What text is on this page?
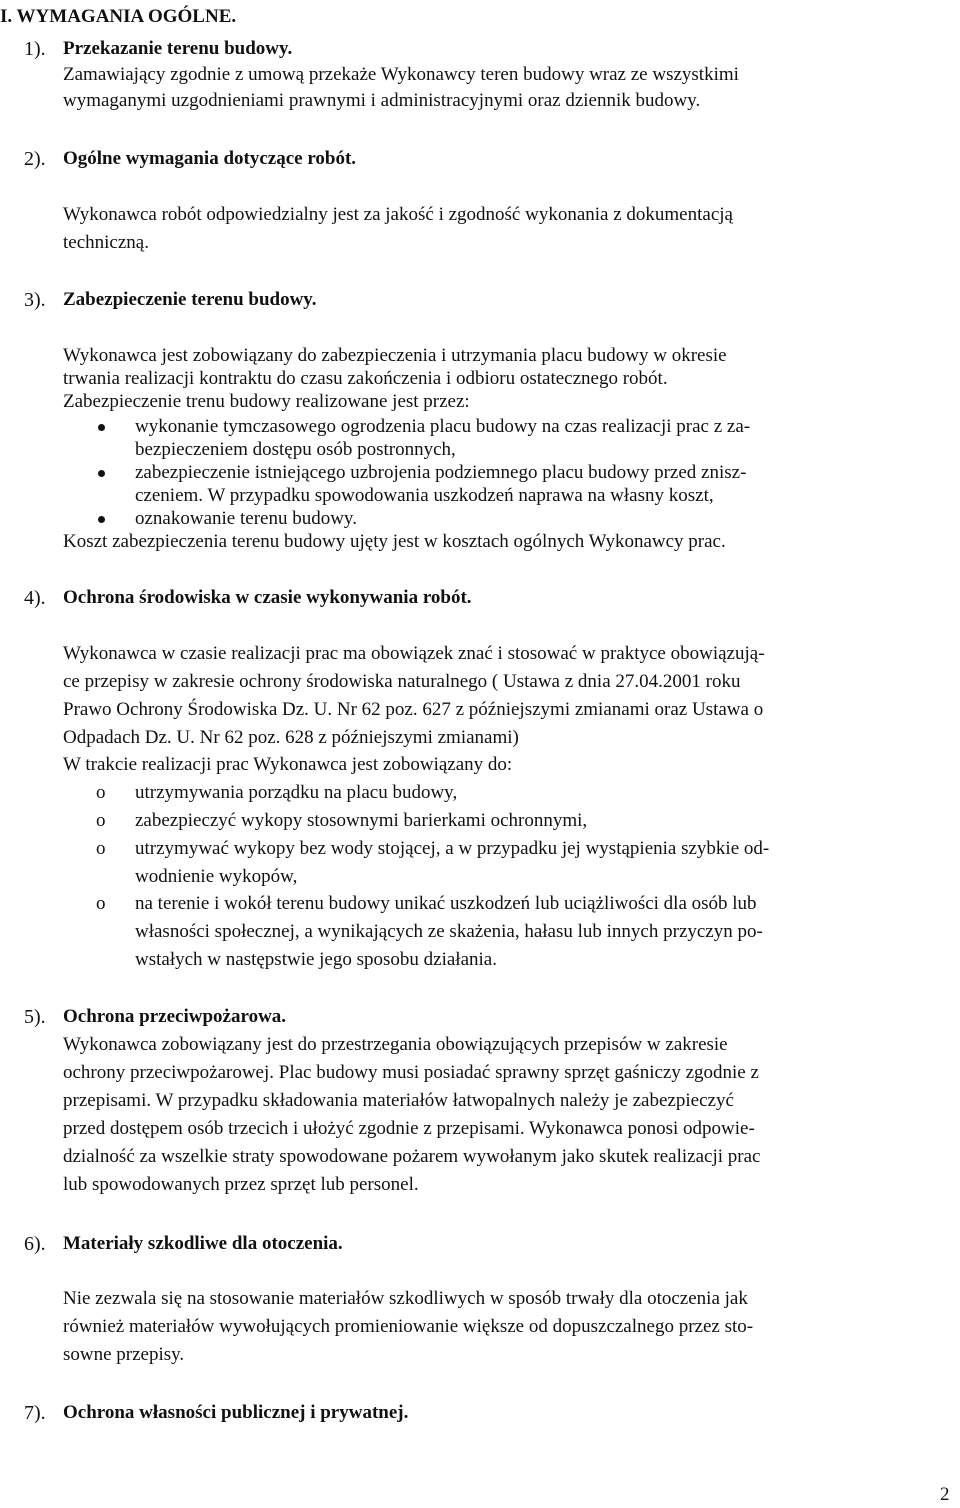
I. WYMAGANIA OGÓLNE.
1). Przekazanie terenu budowy.
Zamawiający zgodnie z umową przekaże Wykonawcy teren budowy wraz ze wszystkimi
wymaganymi uzgodnieniami prawnymi i administracyjnymi oraz dziennik budowy.
2). Ogólne wymagania dotyczące robót.
Wykonawca robót odpowiedzialny jest za jakość i zgodność wykonania z dokumentacją
techniczną.
3). Zabezpieczenie terenu budowy.
Wykonawca jest zobowiązany do zabezpieczenia i utrzymania placu budowy w okresie
trwania realizacji kontraktu do czasu zakończenia i odbioru ostatecznego robót.
Zabezpieczenie trenu budowy realizowane jest przez:
wykonanie tymczasowego ogrodzenia placu budowy na czas realizacji prac z za-
bezpieczeniem dostępu osób postronnych,
zabezpieczenie istniejącego uzbrojenia podziemnego placu budowy przed znisz-
czeniem. W przypadku spowodowania uszkodzeń naprawa na własny koszt,
oznakowanie terenu budowy.
Koszt zabezpieczenia terenu budowy ujęty jest w kosztach ogólnych Wykonawcy prac.
4). Ochrona środowiska w czasie wykonywania robót.
Wykonawca w czasie realizacji prac ma obowiązek znać i stosować w praktyce obowiązują-
ce przepisy w zakresie ochrony środowiska naturalnego ( Ustawa z dnia 27.04.2001 roku
Prawo Ochrony Środowiska Dz. U. Nr 62 poz. 627 z późniejszymi zmianami oraz Ustawa o
Odpadach Dz. U. Nr 62 poz. 628 z późniejszymi zmianami)
W trakcie realizacji prac Wykonawca jest zobowiązany do:
o utrzymywania porządku na placu budowy,
o zabezpieczyć wykopy stosownymi barierkami ochronnymi,
o utrzymywać wykopy bez wody stojącej, a w przypadku jej wystąpienia szybkie od-
wodnienie wykopów,
o na terenie i wokół terenu budowy unikać uszkodzeń lub uciążliwości dla osób lub
własności społecznej, a wynikających ze skażenia, hałasu lub innych przyczyn po-
wstałych w następstwie jego sposobu działania.
5). Ochrona przeciwpożarowa.
Wykonawca zobowiązany jest do przestrzegania obowiązujących przepisów w zakresie
ochrony przeciwpożarowej. Plac budowy musi posiadać sprawny sprzęt gaśniczy zgodnie z
przepisami. W przypadku składowania materiałów łatwopalnych należy je zabezpieczyć
przed dostępem osób trzecich i ułożyć zgodnie z przepisami. Wykonawca ponosi odpowie-
dzialność za wszelkie straty spowodowane pożarem wywołanym jako skutek realizacji prac
lub spowodowanych przez sprzęt lub personel.
6). Materiały szkodliwe dla otoczenia.
Nie zezwala się na stosowanie materiałów szkodliwych w sposób trwały dla otoczenia jak
również materiałów wywołujących promieniowanie większe od dopuszczalnego przez sto-
sowne przepisy.
7). Ochrona własności publicznej i prywatnej.
2
